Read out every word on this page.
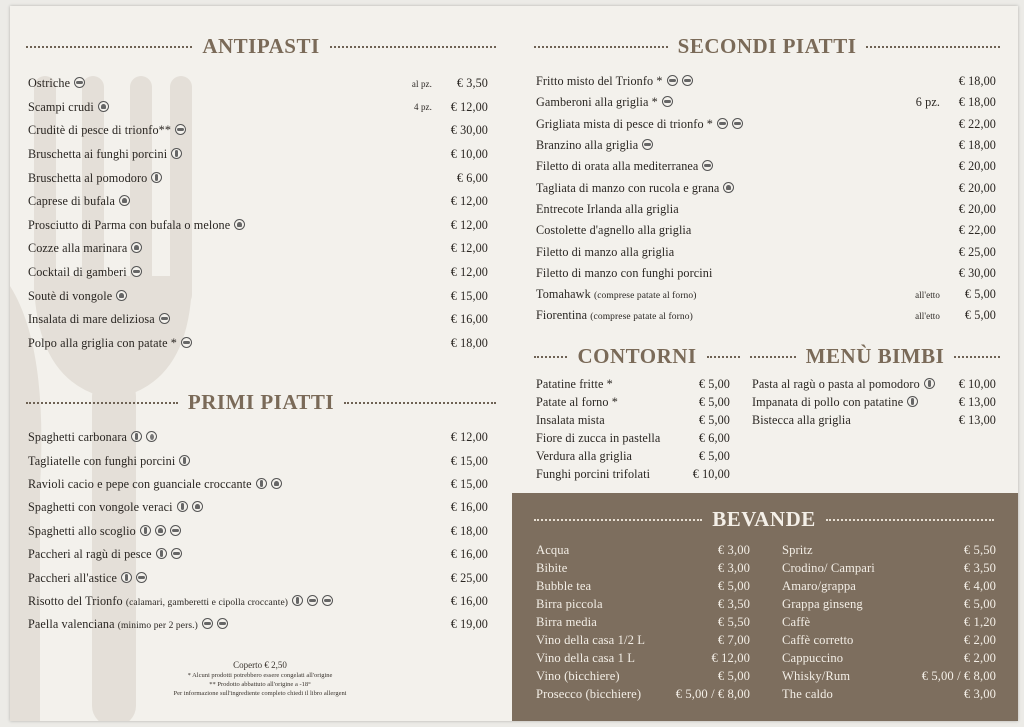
ANTIPASTI
Ostriche	al pz.	€ 3,50
Scampi crudi	4 pz.	€ 12,00
Cruditè di pesce di trionfo**	€ 30,00
Bruschetta ai funghi porcini	€ 10,00
Bruschetta al pomodoro	€ 6,00
Caprese di bufala	€ 12,00
Prosciutto di Parma con bufala o melone	€ 12,00
Cozze alla marinara	€ 12,00
Cocktail di gamberi	€ 12,00
Soutè di vongole	€ 15,00
Insalata di mare deliziosa	€ 16,00
Polpo alla griglia con patate *	€ 18,00
PRIMI PIATTI
Spaghetti carbonara	€ 12,00
Tagliatelle con funghi porcini	€ 15,00
Ravioli cacio e pepe con guanciale croccante	€ 15,00
Spaghetti con vongole veraci	€ 16,00
Spaghetti allo scoglio	€ 18,00
Paccheri al ragù di pesce	€ 16,00
Paccheri all'astice	€ 25,00
Risotto del Trionfo (calamari, gamberetti e cipolla croccante)	€ 16,00
Paella valenciana (minimo per 2 pers.)	€ 19,00
Coperto € 2,50
* Alcuni prodotti potrebbero essere congelati all'origine
** Prodotto abbattuto all'origine a -18°
Per informazione sull'ingrediente completo chiedi il libro allergeni
SECONDI PIATTI
Fritto misto del Trionfo *	€ 18,00
Gamberoni alla griglia *	6 pz.	€ 18,00
Grigliata mista di pesce di trionfo *	€ 22,00
Branzino alla griglia	€ 18,00
Filetto di orata alla mediterranea	€ 20,00
Tagliata di manzo con rucola e grana	€ 20,00
Entrecote Irlanda alla griglia	€ 20,00
Costolette d'agnello alla griglia	€ 22,00
Filetto di manzo alla griglia	€ 25,00
Filetto di manzo con funghi porcini	€ 30,00
Tomahawk (comprese patate al forno)	all'etto	€ 5,00
Fiorentina (comprese patate al forno)	all'etto	€ 5,00
CONTORNI
Patatine fritte *	€ 5,00
Patate al forno *	€ 5,00
Insalata mista	€ 5,00
Fiore di zucca in pastella	€ 6,00
Verdura alla griglia	€ 5,00
Funghi porcini trifolati	€ 10,00
MENÙ BIMBI
Pasta al ragù o pasta al pomodoro	€ 10,00
Impanata di pollo con patatine	€ 13,00
Bistecca alla griglia	€ 13,00
BEVANDE
Acqua	€ 3,00
Bibite	€ 3,00
Bubble tea	€ 5,00
Birra piccola	€ 3,50
Birra media	€ 5,50
Vino della casa 1/2 L	€ 7,00
Vino della casa 1 L	€ 12,00
Vino (bicchiere)	€ 5,00
Prosecco (bicchiere)	€ 5,00 / € 8,00
Spritz	€ 5,50
Crodino/ Campari	€ 3,50
Amaro/grappa	€ 4,00
Grappa ginseng	€ 5,00
Caffè	€ 1,20
Caffè corretto	€ 2,00
Cappuccino	€ 2,00
Whisky/Rum	€ 5,00 / € 8,00
The caldo	€ 3,00
